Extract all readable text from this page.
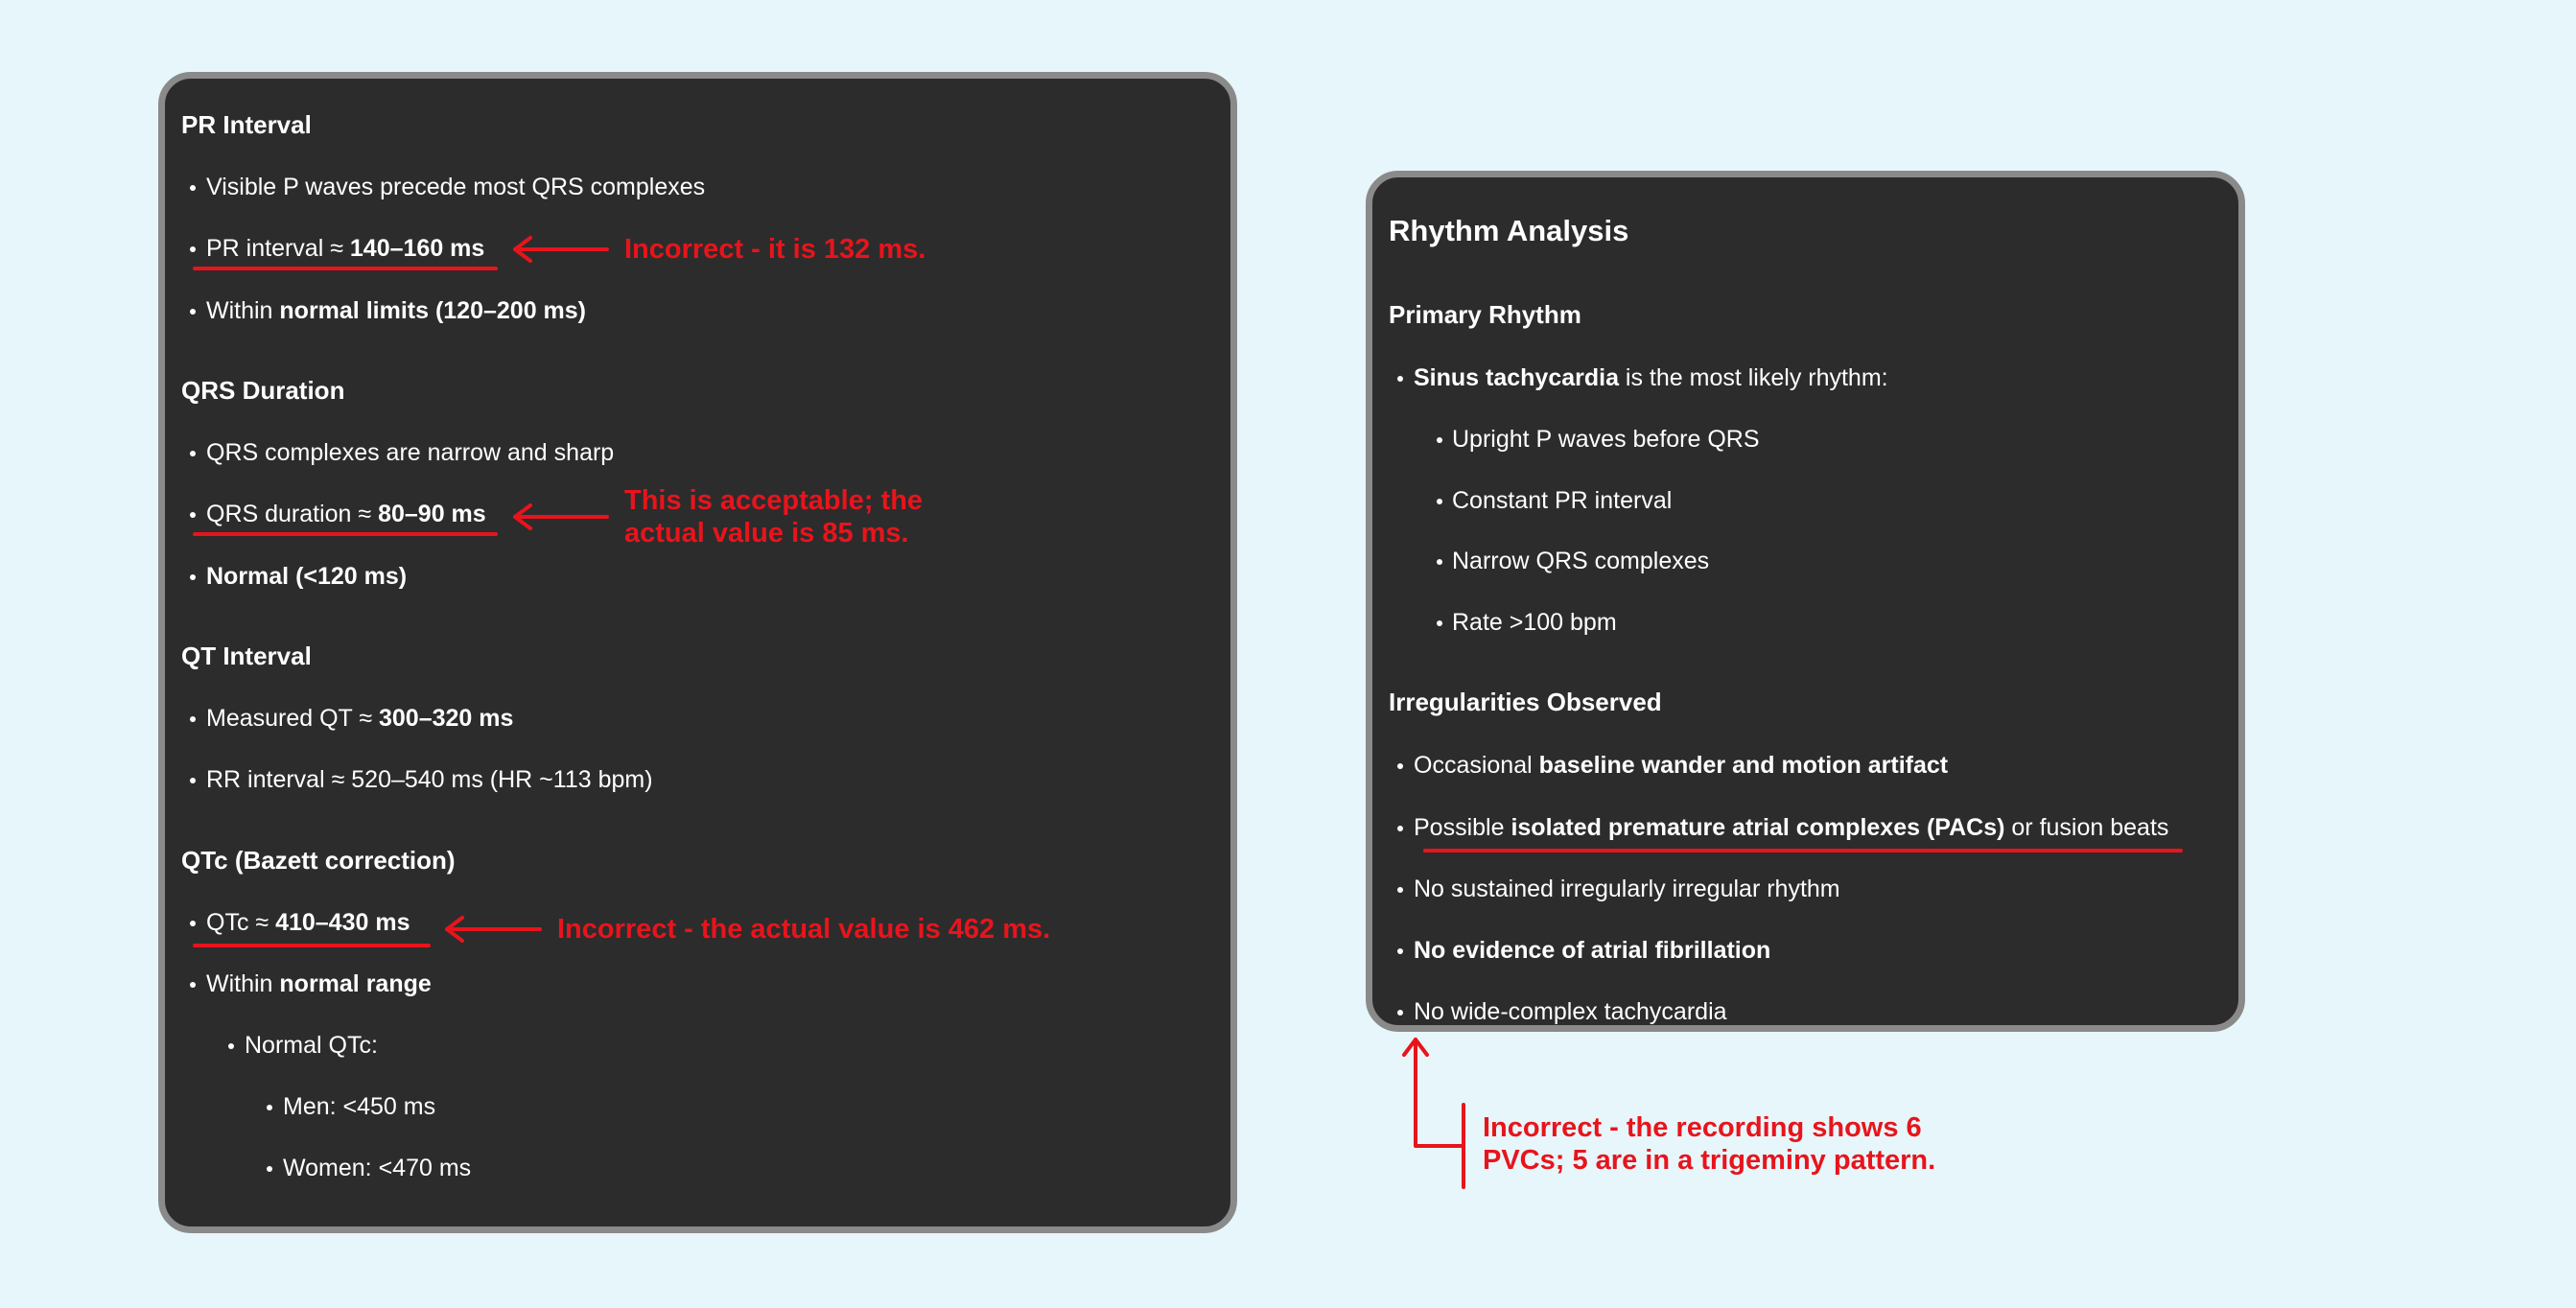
PR Interval
Visible P waves precede most QRS complexes
PR interval ≈ 140–160 ms
Within normal limits (120–200 ms)
QRS Duration
QRS complexes are narrow and sharp
QRS duration ≈ 80–90 ms
Normal (<120 ms)
QT Interval
Measured QT ≈ 300–320 ms
RR interval ≈ 520–540 ms (HR ~113 bpm)
QTc (Bazett correction)
QTc ≈ 410–430 ms
Within normal range
Normal QTc:
Men: <450 ms
Women: <470 ms
Rhythm Analysis
Primary Rhythm
Sinus tachycardia is the most likely rhythm:
Upright P waves before QRS
Constant PR interval
Narrow QRS complexes
Rate >100 bpm
Irregularities Observed
Occasional baseline wander and motion artifact
Possible isolated premature atrial complexes (PACs) or fusion beats
No sustained irregularly irregular rhythm
No evidence of atrial fibrillation
No wide-complex tachycardia
Incorrect - it is 132 ms.
This is acceptable; the
actual value is 85 ms.
Incorrect - the actual value is 462 ms.
Incorrect - the recording shows 6
PVCs; 5 are in a trigeminy pattern.
